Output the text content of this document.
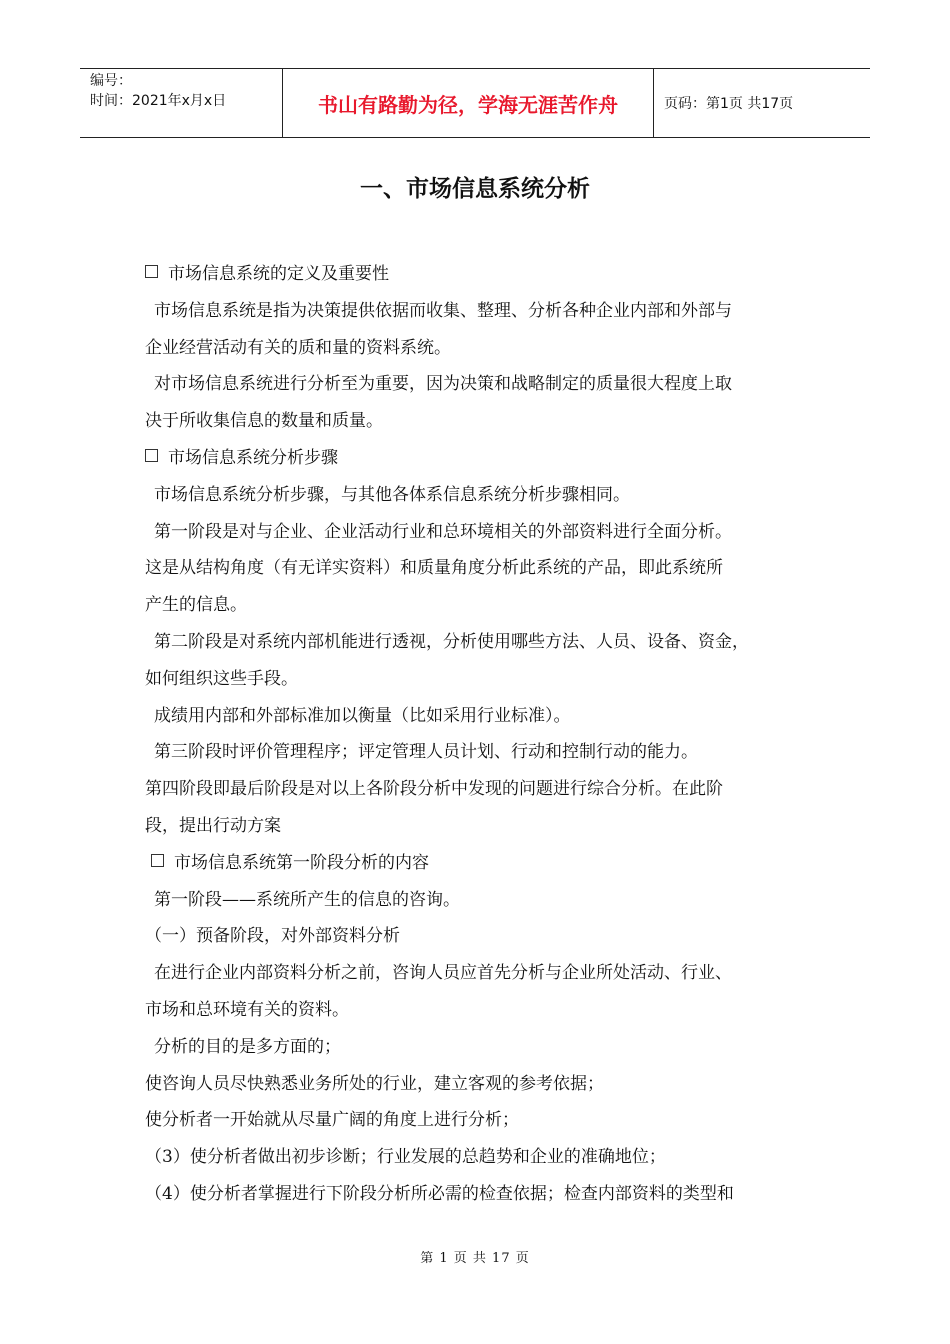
编号：
时间：2021年x月x日	书山有路勤为径，学海无涯苦作舟	页码：第1页 共17页
一、市场信息系统分析

市场信息系统的定义及重要性

市场信息系统是指为决策提供依据而收集、整理、分析各种企业内部和外部与

企业经营活动有关的质和量的资料系统。

对市场信息系统进行分析至为重要，因为决策和战略制定的质量很大程度上取

决于所收集信息的数量和质量。

市场信息系统分析步骤

市场信息系统分析步骤，与其他各体系信息系统分析步骤相同。

第一阶段是对与企业、企业活动行业和总环境相关的外部资料进行全面分析。

这是从结构角度（有无详实资料）和质量角度分析此系统的产品，即此系统所

产生的信息。

第二阶段是对系统内部机能进行透视，分析使用哪些方法、人员、设备、资金，

如何组织这些手段。

成绩用内部和外部标准加以衡量（比如采用行业标准）。

第三阶段时评价管理程序；评定管理人员计划、行动和控制行动的能力。

第四阶段即最后阶段是对以上各阶段分析中发现的问题进行综合分析。在此阶

段，提出行动方案

市场信息系统第一阶段分析的内容

第一阶段——系统所产生的信息的咨询。

（一）预备阶段，对外部资料分析

在进行企业内部资料分析之前，咨询人员应首先分析与企业所处活动、行业、

市场和总环境有关的资料。

分析的目的是多方面的；

使咨询人员尽快熟悉业务所处的行业，建立客观的参考依据；

使分析者一开始就从尽量广阔的角度上进行分析；

（3）使分析者做出初步诊断；行业发展的总趋势和企业的准确地位；

（4）使分析者掌握进行下阶段分析所必需的检查依据；检查内部资料的类型和

第 1 页 共 17 页
